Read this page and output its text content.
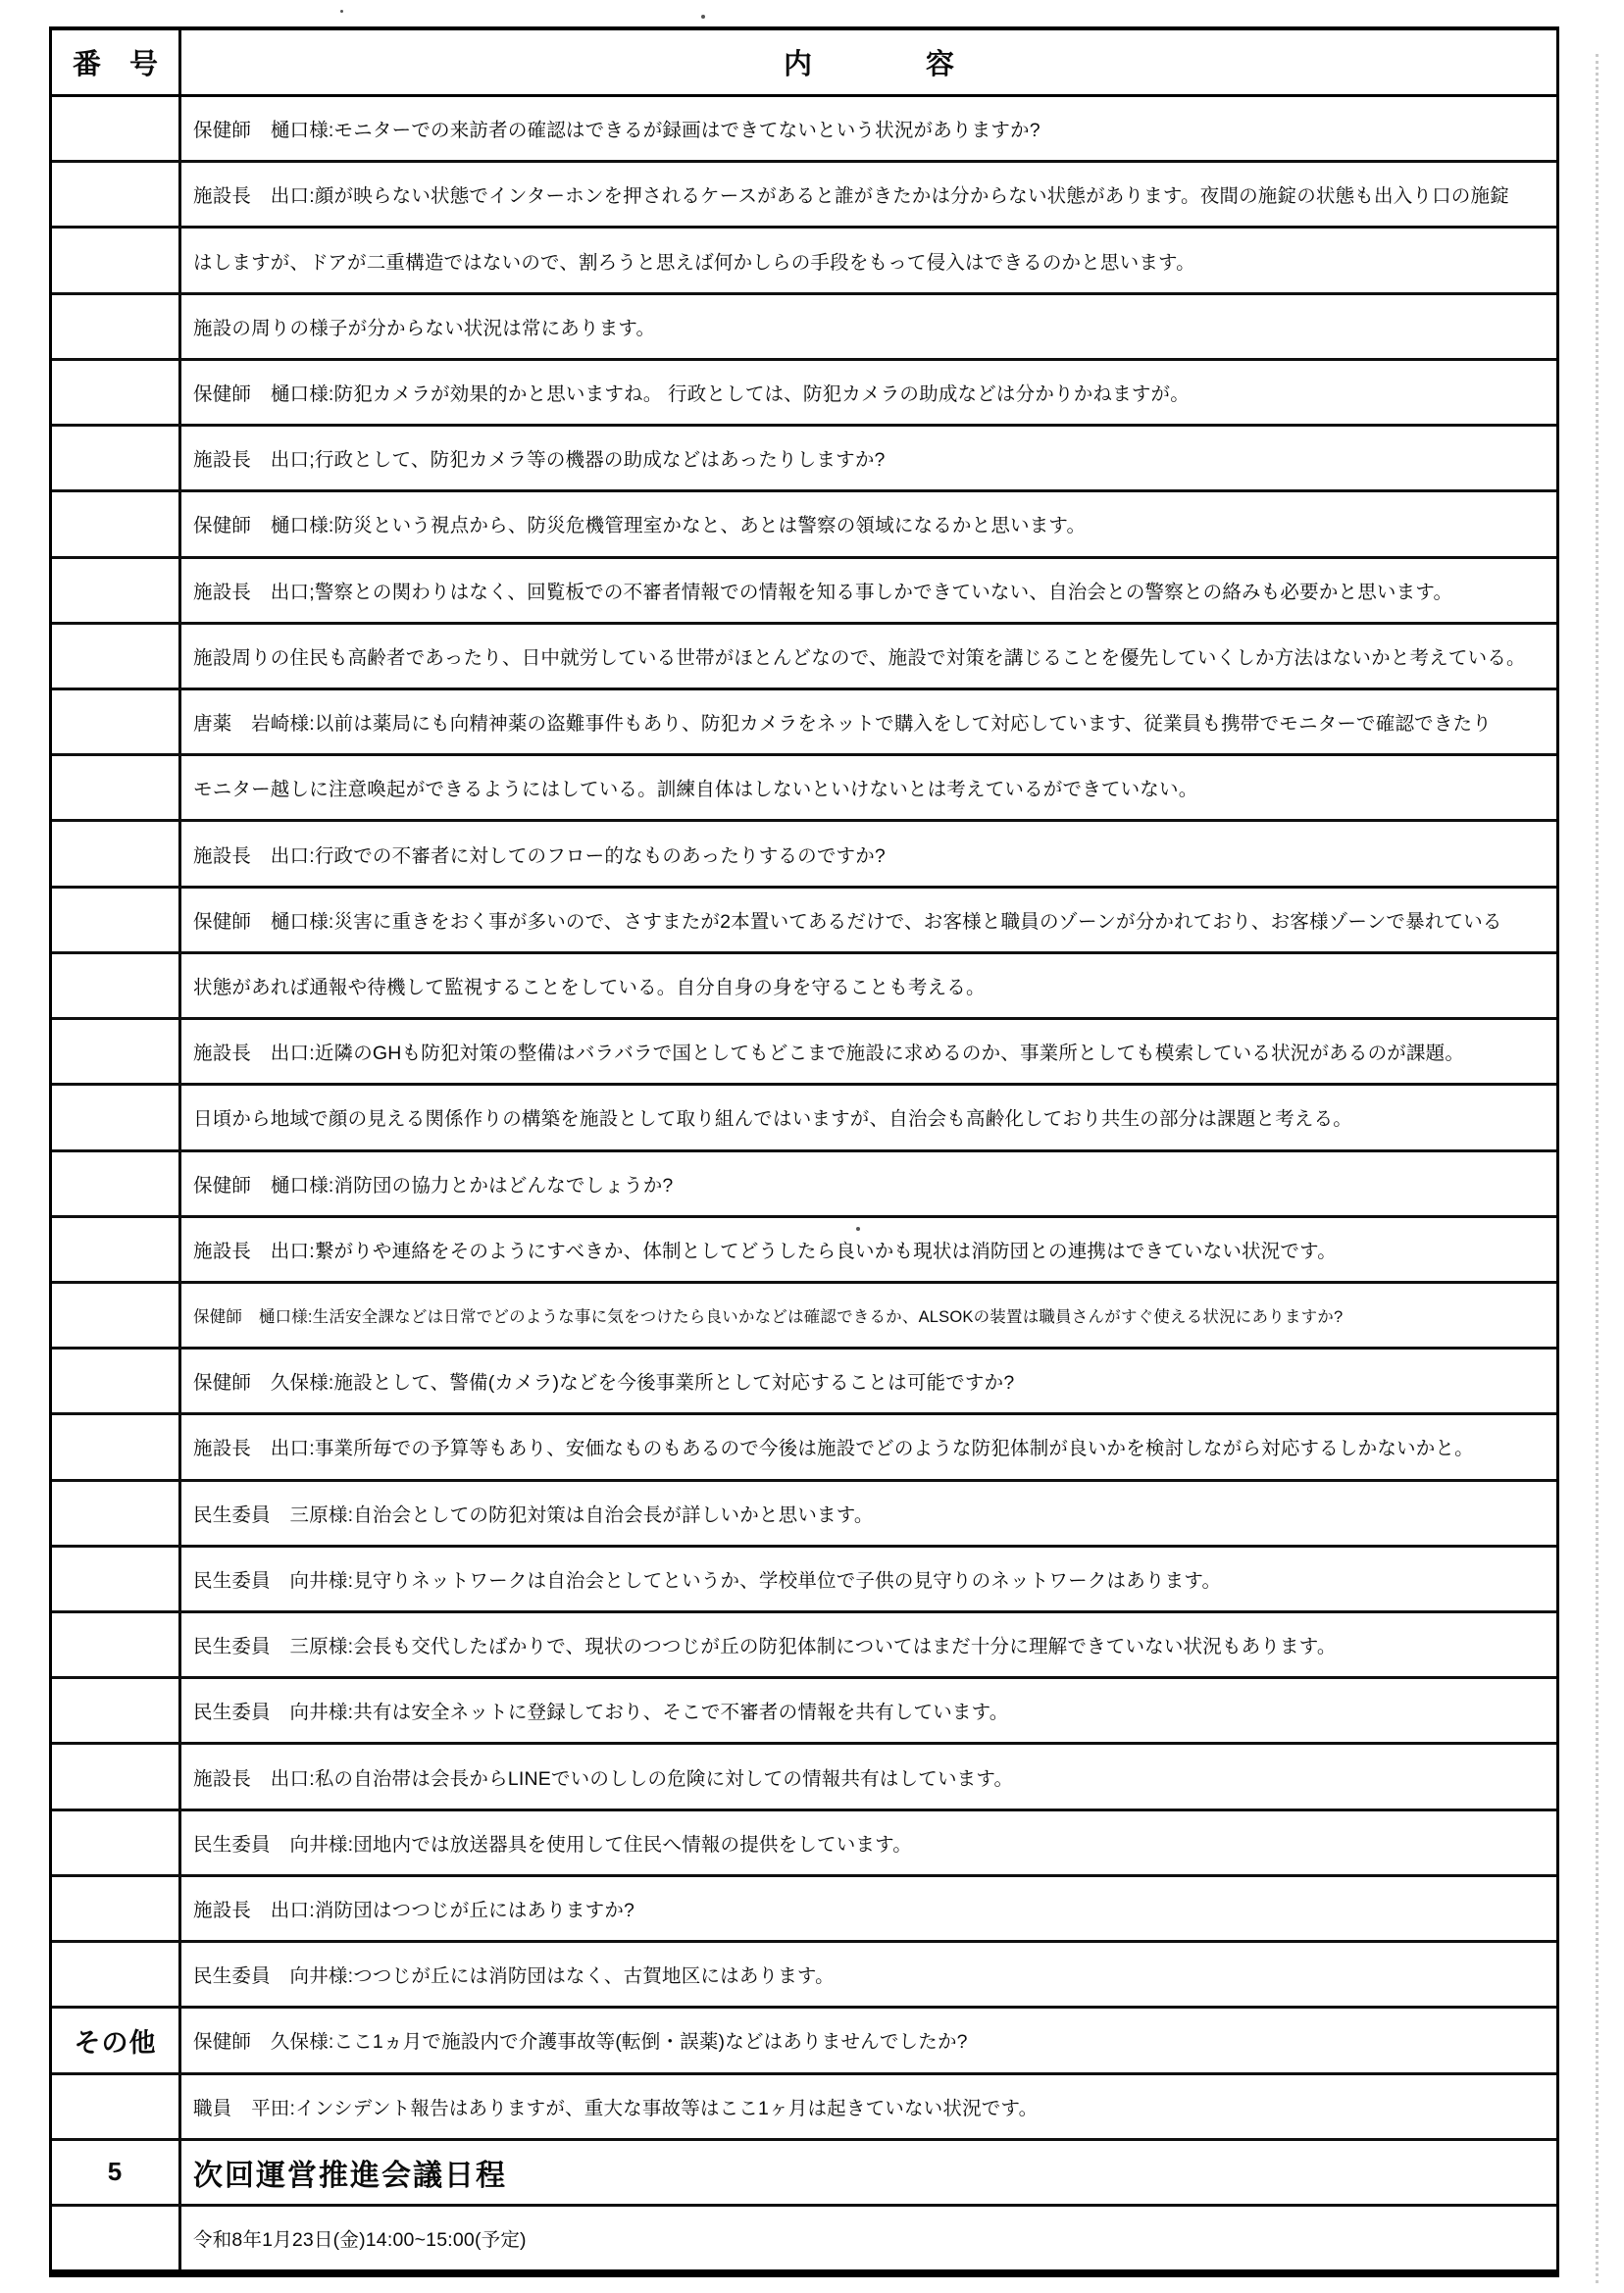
番　号	内　　　　容
保健師　樋口様:モニターでの来訪者の確認はできるが録画はできてないという状況がありますか?
施設長　出口:顔が映らない状態でインターホンを押されるケースがあると誰がきたかは分からない状態があります。夜間の施錠の状態も出入り口の施錠
はしますが、ドアが二重構造ではないので、割ろうと思えば何かしらの手段をもって侵入はできるのかと思います。
施設の周りの様子が分からない状況は常にあります。
保健師　樋口様:防犯カメラが効果的かと思いますね。 行政としては、防犯カメラの助成などは分かりかねますが。
施設長　出口;行政として、防犯カメラ等の機器の助成などはあったりしますか?
保健師　樋口様:防災という視点から、防災危機管理室かなと、あとは警察の領域になるかと思います。
施設長　出口;警察との関わりはなく、回覧板での不審者情報での情報を知る事しかできていない、自治会との警察との絡みも必要かと思います。
施設周りの住民も高齢者であったり、日中就労している世帯がほとんどなので、施設で対策を講じることを優先していくしか方法はないかと考えている。
唐薬　岩崎様:以前は薬局にも向精神薬の盗難事件もあり、防犯カメラをネットで購入をして対応しています、従業員も携帯でモニターで確認できたり
モニター越しに注意喚起ができるようにはしている。訓練自体はしないといけないとは考えているができていない。
施設長　出口:行政での不審者に対してのフロー的なものあったりするのですか?
保健師　樋口様:災害に重きをおく事が多いので、さすまたが2本置いてあるだけで、お客様と職員のゾーンが分かれており、お客様ゾーンで暴れている
状態があれば通報や待機して監視することをしている。自分自身の身を守ることも考える。
施設長　出口:近隣のGHも防犯対策の整備はバラバラで国としてもどこまで施設に求めるのか、事業所としても模索している状況があるのが課題。
日頃から地域で顔の見える関係作りの構築を施設として取り組んではいますが、自治会も高齢化しており共生の部分は課題と考える。
保健師　樋口様:消防団の協力とかはどんなでしょうか?
施設長　出口:繋がりや連絡をそのようにすべきか、体制としてどうしたら良いかも現状は消防団との連携はできていない状況です。
保健師　樋口様:生活安全課などは日常でどのような事に気をつけたら良いかなどは確認できるか、ALSOKの装置は職員さんがすぐ使える状況にありますか?
保健師　久保様:施設として、警備(カメラ)などを今後事業所として対応することは可能ですか?
施設長　出口:事業所毎での予算等もあり、安価なものもあるので今後は施設でどのような防犯体制が良いかを検討しながら対応するしかないかと。
民生委員　三原様:自治会としての防犯対策は自治会長が詳しいかと思います。
民生委員　向井様:見守りネットワークは自治会としてというか、学校単位で子供の見守りのネットワークはあります。
民生委員　三原様:会長も交代したばかりで、現状のつつじが丘の防犯体制についてはまだ十分に理解できていない状況もあります。
民生委員　向井様:共有は安全ネットに登録しており、そこで不審者の情報を共有しています。
施設長　出口:私の自治帯は会長からLINEでいのししの危険に対しての情報共有はしています。
民生委員　向井様:団地内では放送器具を使用して住民へ情報の提供をしています。
施設長　出口:消防団はつつじが丘にはありますか?
民生委員　向井様:つつじが丘には消防団はなく、古賀地区にはあります。
その他	保健師　久保様:ここ1ヵ月で施設内で介護事故等(転倒・誤薬)などはありませんでしたか?
職員　平田:インシデント報告はありますが、重大な事故等はここ1ヶ月は起きていない状況です。
5	次回運営推進会議日程
令和8年1月23日(金)14:00~15:00(予定)
